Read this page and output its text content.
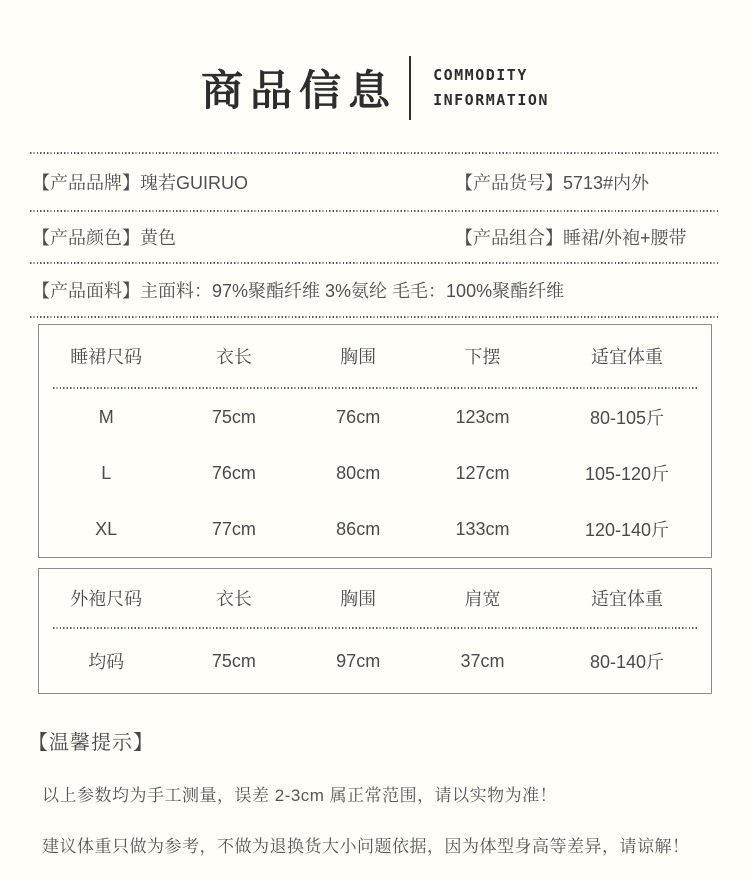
商品信息 COMMODITY
INFORMATION
【产品品牌】瑰若GUIRUO	【产品货号】5713#内外
【产品颜色】黄色	【产品组合】睡裙/外袍+腰带
【产品面料】主面料：97%聚酯纤维 3%氨纶 毛毛：100%聚酯纤维
睡裙尺码	衣长	胸围	下摆	适宜体重
M	75cm	76cm	123cm	80-105斤
L	76cm	80cm	127cm	105-120斤
XL	77cm	86cm	133cm	120-140斤
外袍尺码	衣长	胸围	肩宽	适宜体重
均码	75cm	97cm	37cm	80-140斤
【温馨提示】
以上参数均为手工测量，误差 2-3cm 属正常范围，请以实物为准！
建议体重只做为参考，不做为退换货大小问题依据，因为体型身高等差异，请谅解！
